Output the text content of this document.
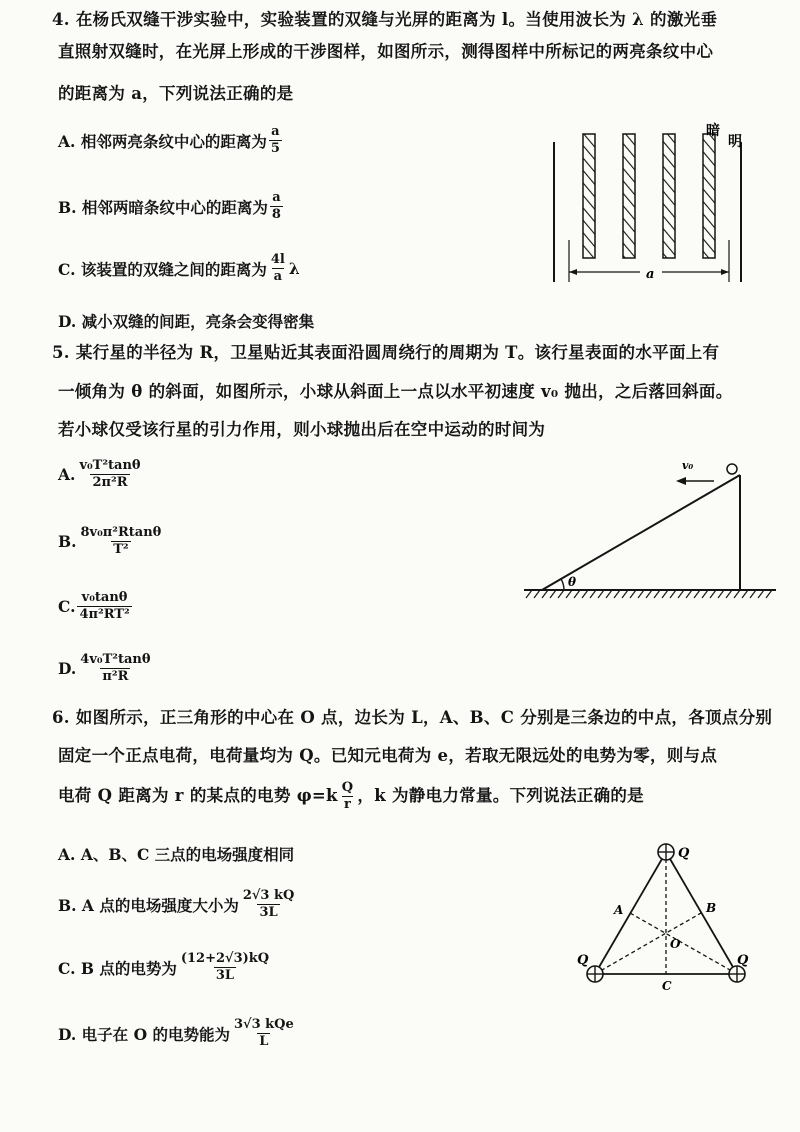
4. 在杨氏双缝干涉实验中，实验装置的双缝与光屏的距离为 l。当使用波长为 λ 的激光垂
直照射双缝时，在光屏上形成的干涉图样，如图所示，测得图样中所标记的两亮条纹中心
的距离为 a，下列说法正确的是
A. 相邻两亮条纹中心的距离为 $\frac{a}{5}$
B. 相邻两暗条纹中心的距离为 $\frac{a}{8}$
C. 该装置的双缝之间的距离为 $\frac{4l}{a}$ λ
D. 减小双缝的间距，亮条会变得密集
a
暗
明
5. 某行星的半径为 R，卫星贴近其表面沿圆周绕行的周期为 T。该行星表面的水平面上有
一倾角为 θ 的斜面，如图所示，小球从斜面上一点以水平初速度 v₀ 抛出，之后落回斜面。
若小球仅受该行星的引力作用，则小球抛出后在空中运动的时间为
A. $\frac{\text{v₀T²tanθ}}{\text{2π²R}}$
B. $\frac{\text{8v₀π²Rtanθ}}{\text{T²}}$
C. $\frac{\text{v₀tanθ}}{\text{4π²RT²}}$
D. $\frac{\text{4v₀T²tanθ}}{\text{π²R}}$
v₀
θ
6. 如图所示，正三角形的中心在 O 点，边长为 L，A、B、C 分别是三条边的中点，各顶点分别
固定一个正点电荷，电荷量均为 Q。已知元电荷为 e，若取无限远处的电势为零，则与点
电荷 Q 距离为 r 的某点的电势 $\varphi=k \frac{Q}{r}$ ，k 为静电力常量。下列说法正确的是
A. A、B、C 三点的电场强度相同
B. A 点的电场强度大小为 $\frac{2√3 kQ}{3L}$
C. B 点的电势为 $\frac{(12+2√3)kQ}{3L}$
D. 电子在 O 的电势能为 $\frac{\text{3√3 kQe}}{L}$
Q
Q	Q
A	B
C
O
